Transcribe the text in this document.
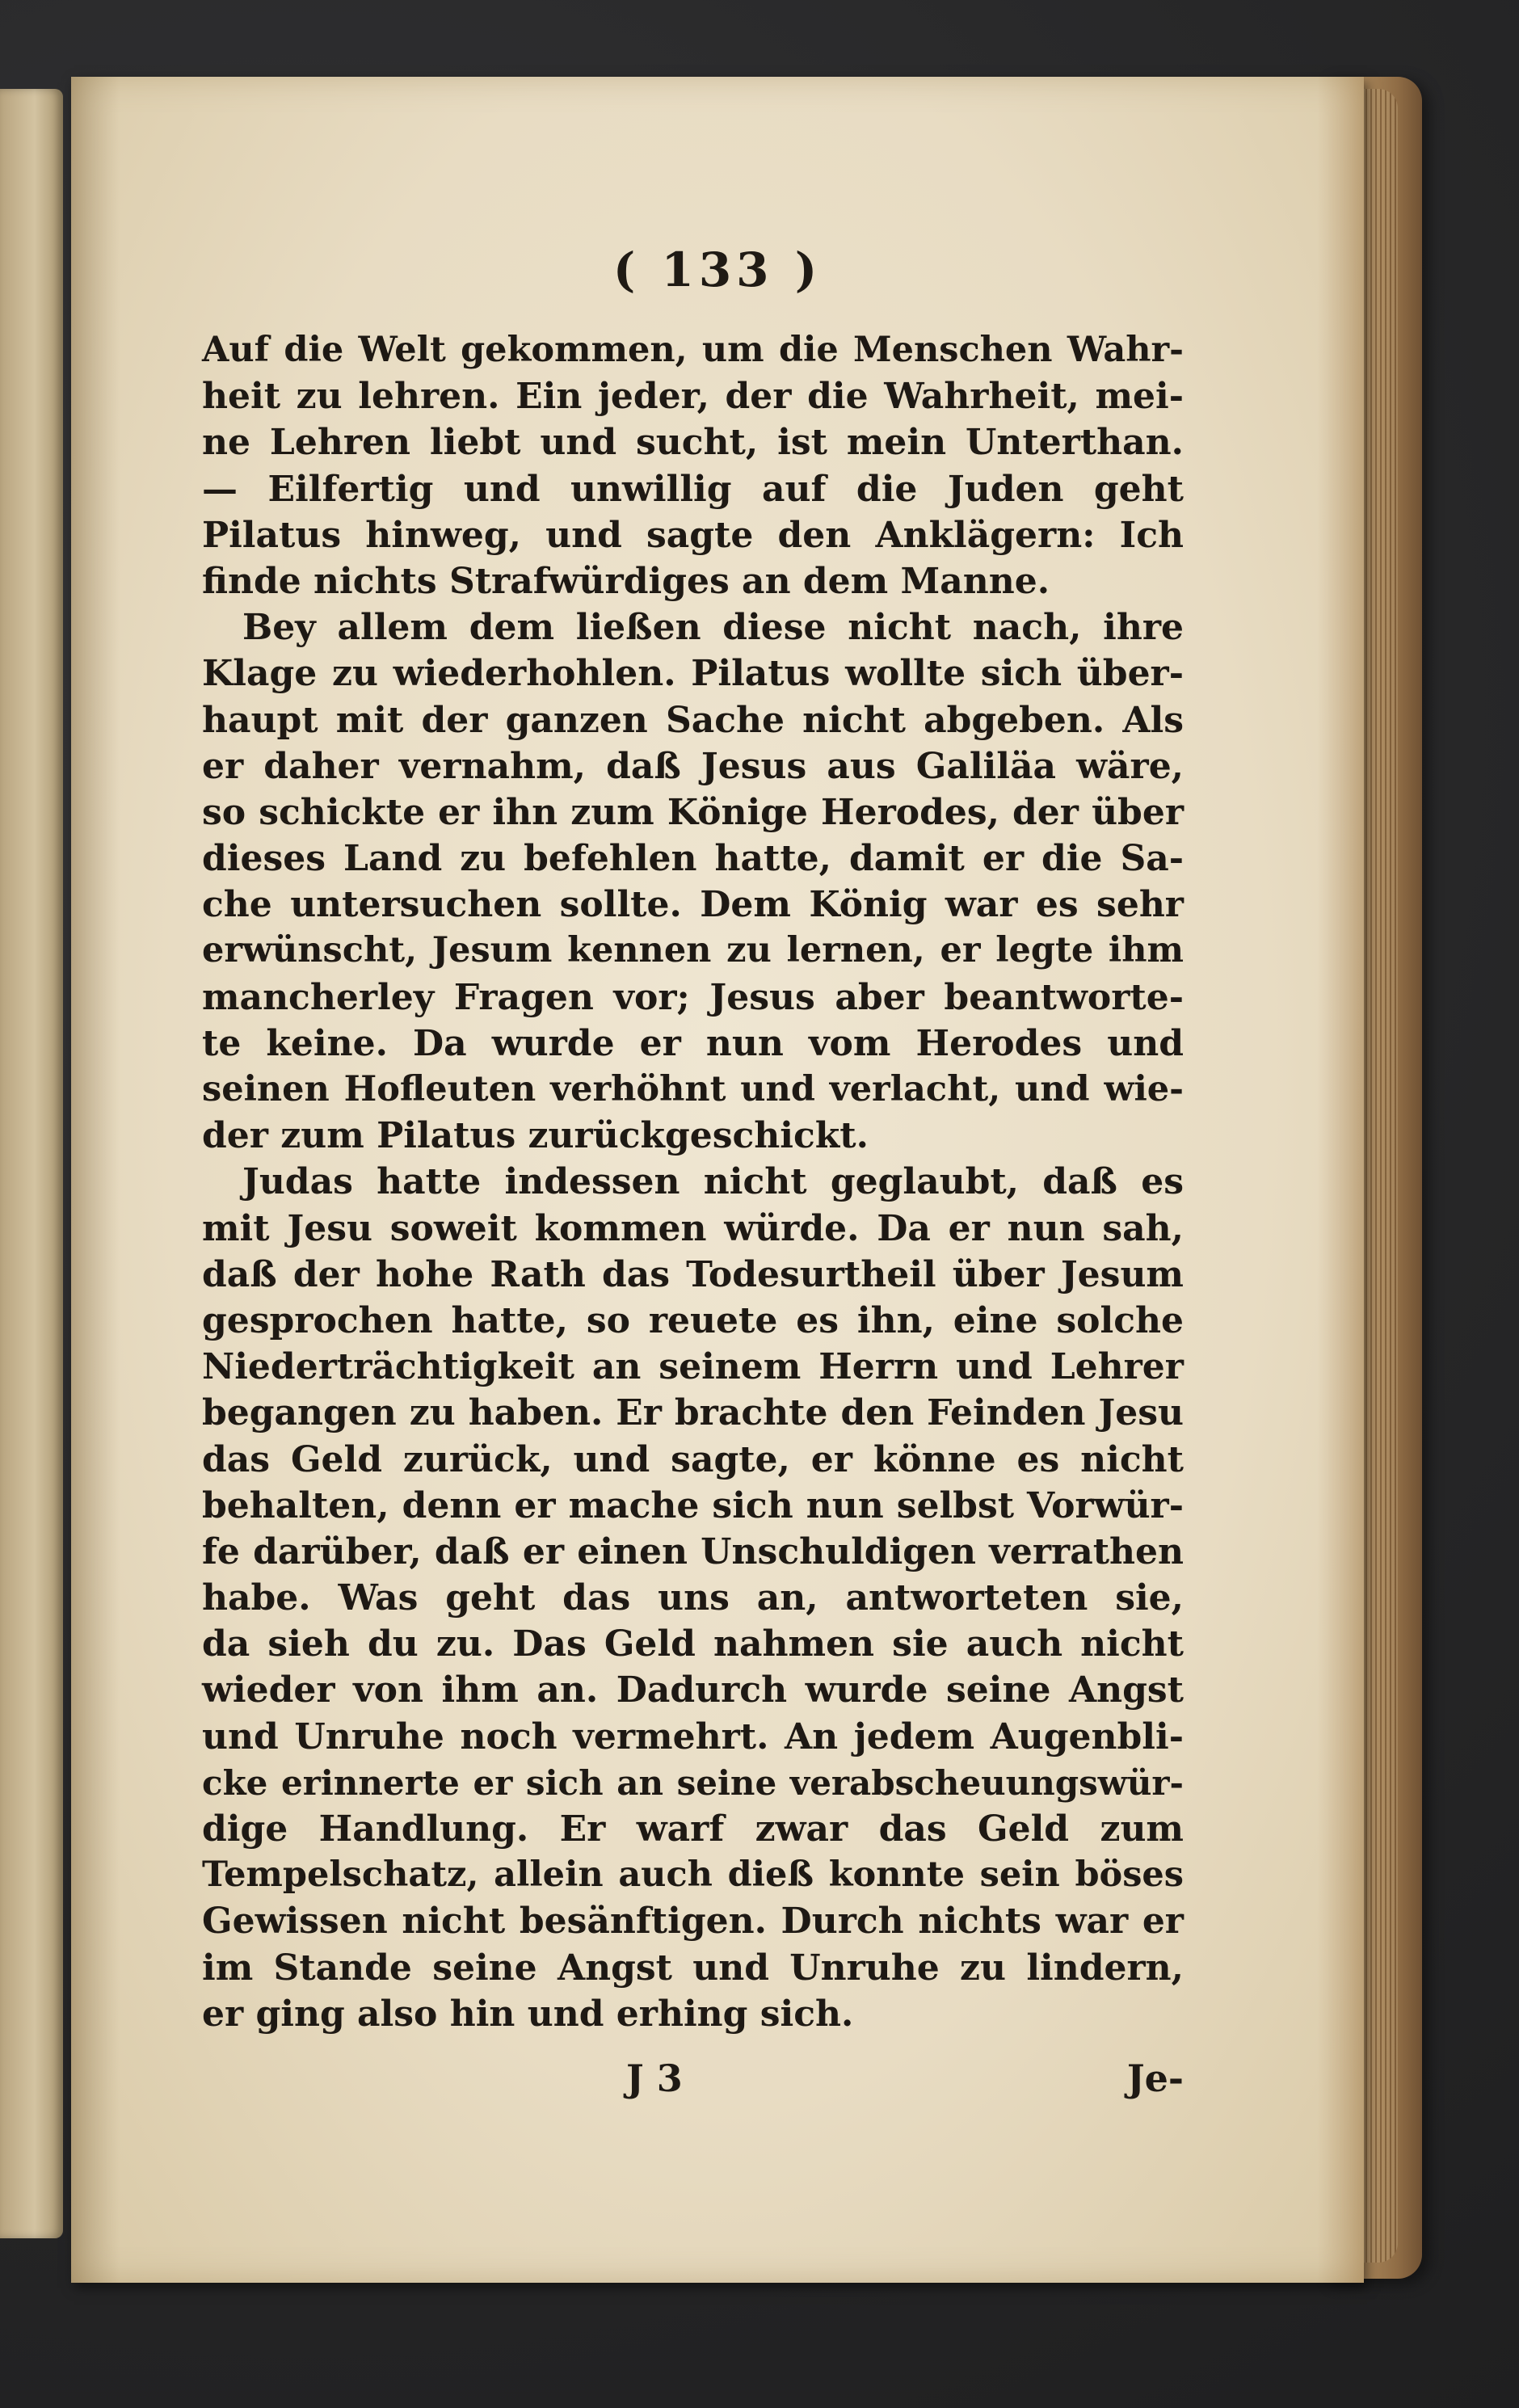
( 133 )
Auf die Welt gekommen, um die Menschen Wahr-
heit zu lehren. Ein jeder, der die Wahrheit, mei-
ne Lehren liebt und sucht, ist mein Unterthan.
— Eilfertig und unwillig auf die Juden geht
Pilatus hinweg, und sagte den Anklägern: Ich
finde nichts Strafwürdiges an dem Manne.
Bey allem dem ließen diese nicht nach, ihre
Klage zu wiederhohlen. Pilatus wollte sich über-
haupt mit der ganzen Sache nicht abgeben. Als
er daher vernahm, daß Jesus aus Galiläa wäre,
so schickte er ihn zum Könige Herodes, der über
dieses Land zu befehlen hatte, damit er die Sa-
che untersuchen sollte. Dem König war es sehr
erwünscht, Jesum kennen zu lernen, er legte ihm
mancherley Fragen vor; Jesus aber beantworte-
te keine. Da wurde er nun vom Herodes und
seinen Hofleuten verhöhnt und verlacht, und wie-
der zum Pilatus zurückgeschickt.
Judas hatte indessen nicht geglaubt, daß es
mit Jesu soweit kommen würde. Da er nun sah,
daß der hohe Rath das Todesurtheil über Jesum
gesprochen hatte, so reuete es ihn, eine solche
Niederträchtigkeit an seinem Herrn und Lehrer
begangen zu haben. Er brachte den Feinden Jesu
das Geld zurück, und sagte, er könne es nicht
behalten, denn er mache sich nun selbst Vorwür-
fe darüber, daß er einen Unschuldigen verrathen
habe. Was geht das uns an, antworteten sie,
da sieh du zu. Das Geld nahmen sie auch nicht
wieder von ihm an. Dadurch wurde seine Angst
und Unruhe noch vermehrt. An jedem Augenbli-
cke erinnerte er sich an seine verabscheuungswür-
dige Handlung. Er warf zwar das Geld zum
Tempelschatz, allein auch dieß konnte sein böses
Gewissen nicht besänftigen. Durch nichts war er
im Stande seine Angst und Unruhe zu lindern,
er ging also hin und erhing sich.
J 3	Je-
